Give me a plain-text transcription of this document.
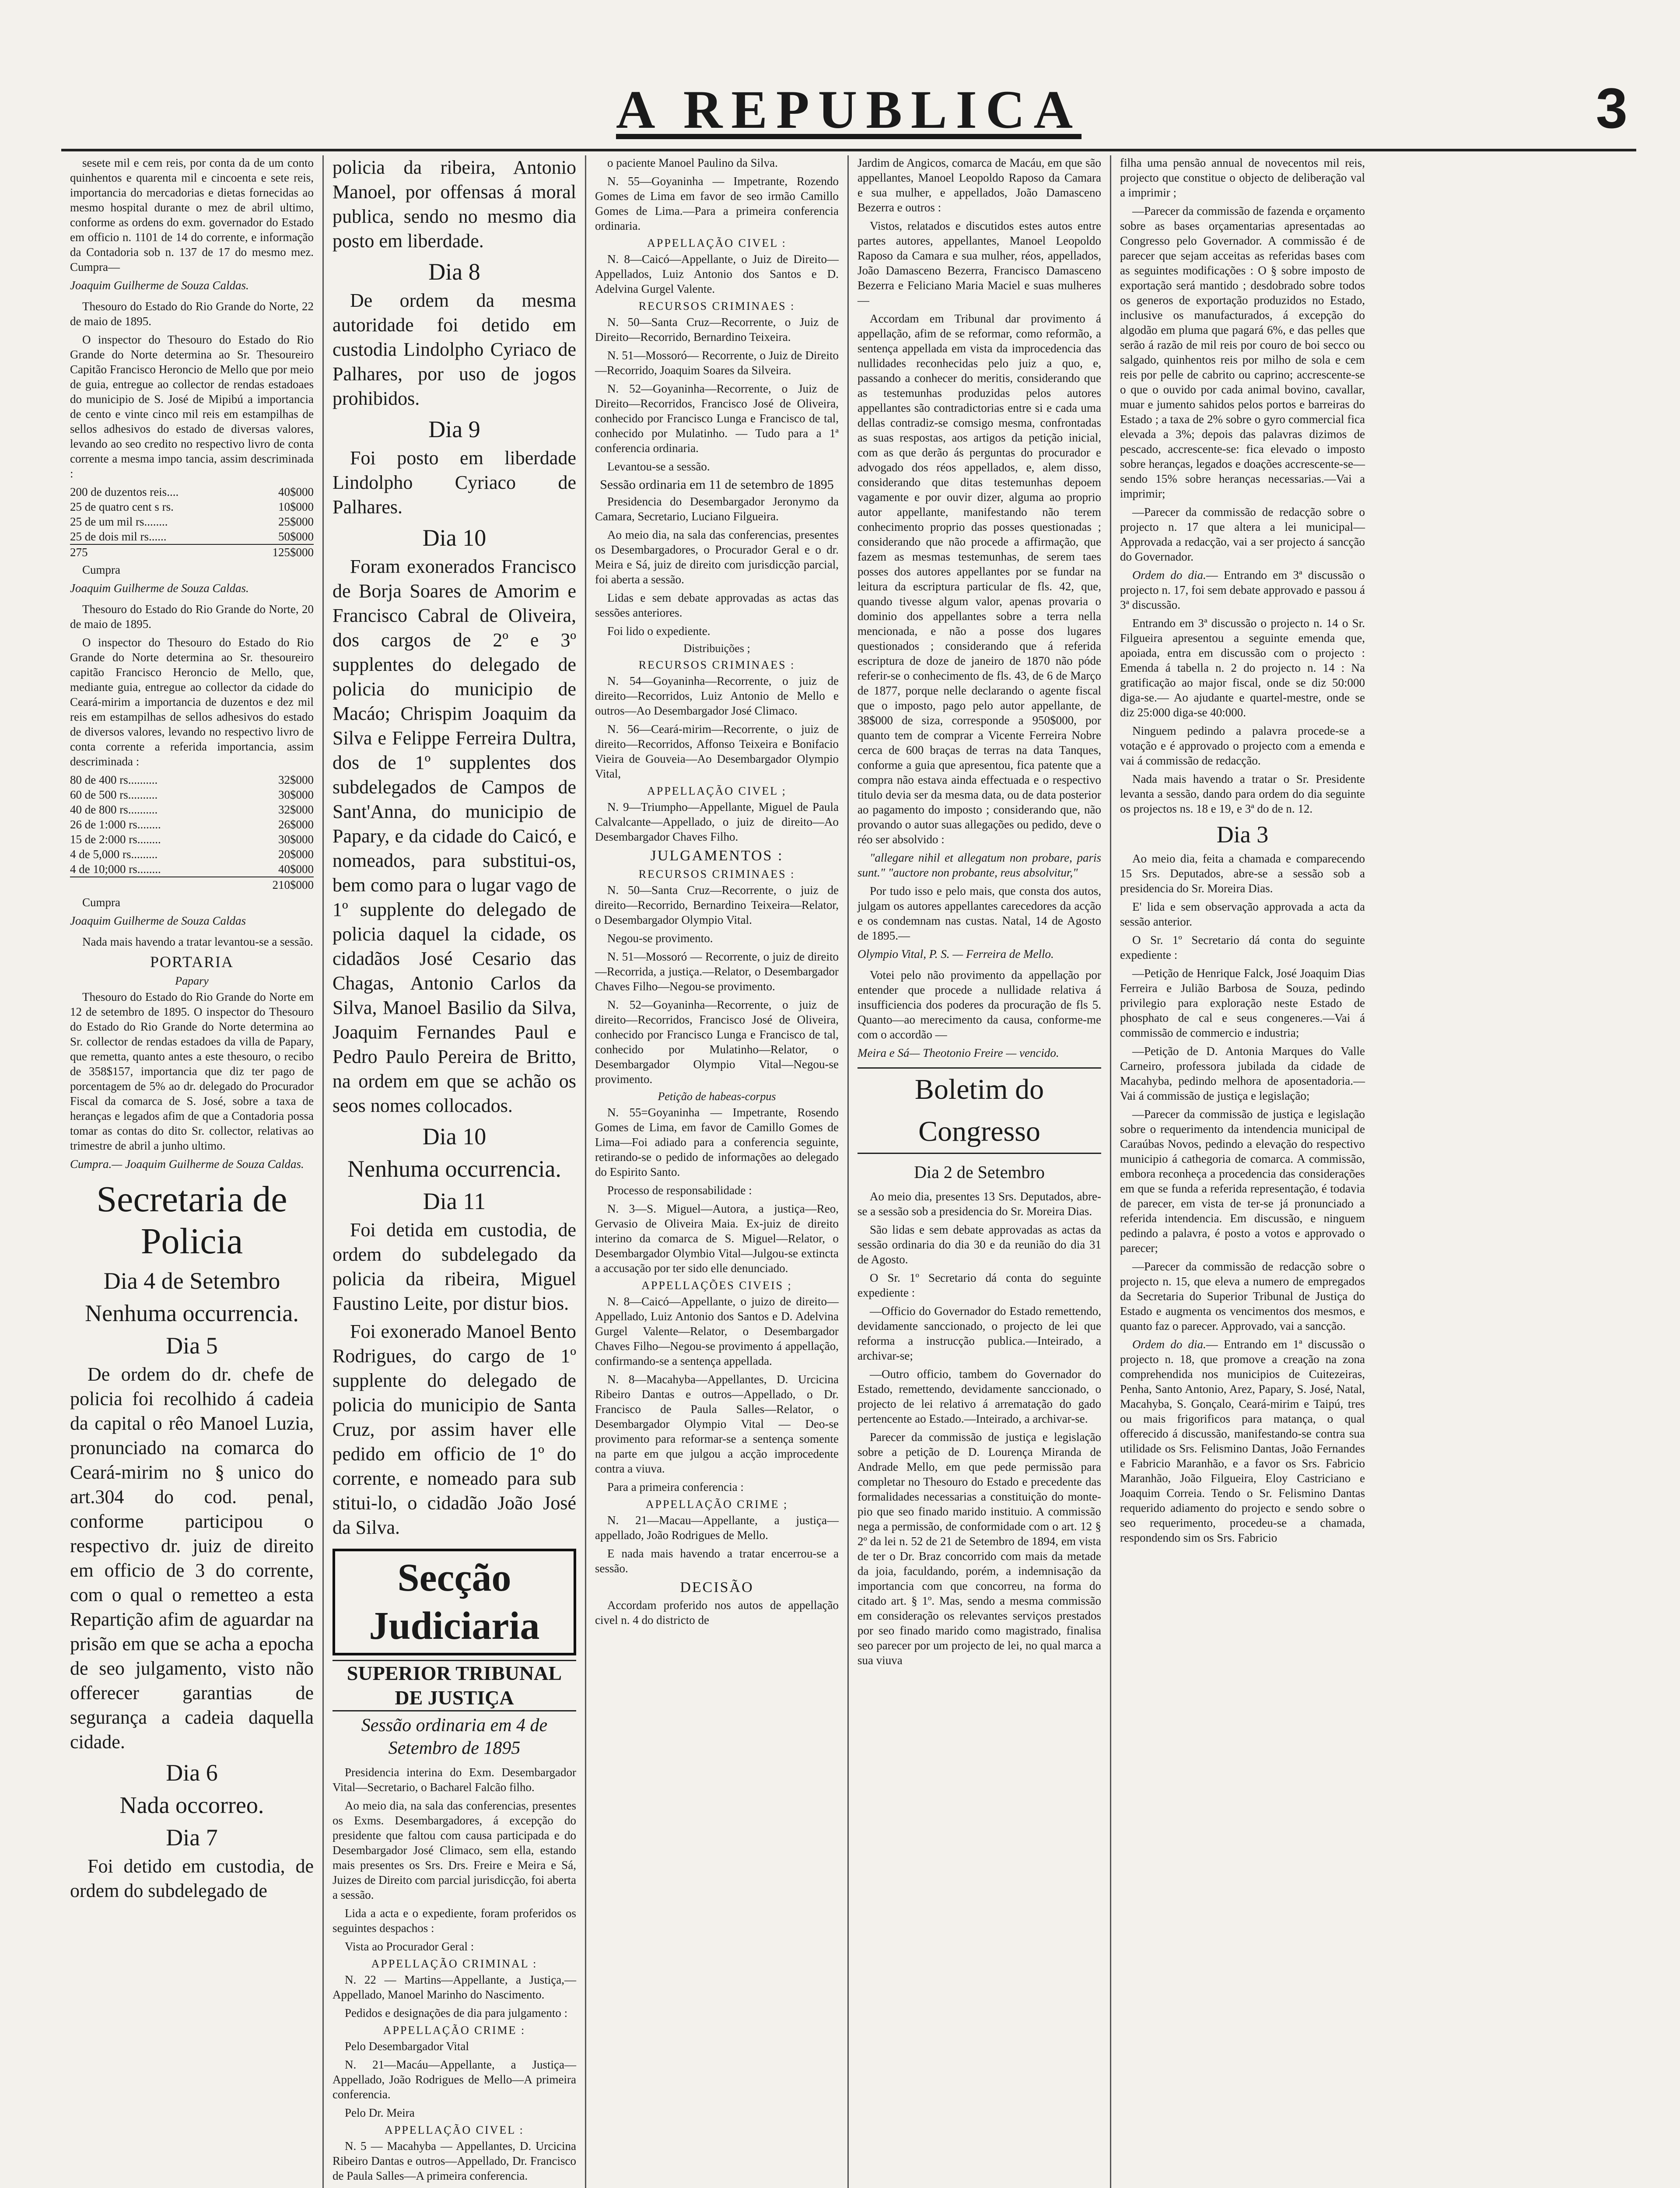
A REPUBLICA	3

sesete mil e cem reis, por conta da de um conto quinhentos e quarenta mil e cincoenta e sete reis, importancia do mercadorias e dietas fornecidas ao mesmo hospital durante o mez de abril ultimo, conforme as ordens do exm. governador do Estado em officio n. 1101 de 14 do corrente, e informação da Contadoria sob n. 137 de 17 do mesmo mez. Cumpra—

Joaquim Guilherme de Souza Caldas.

Thesouro do Estado do Rio Grande do Norte, 22 de maio de 1895.

O inspector do Thesouro do Estado do Rio Grande do Norte determina ao Sr. Thesoureiro Capitão Francisco Heroncio de Mello que por meio de guia, entregue ao collector de rendas estadoaes do municipio de S. José de Mipibú a importancia de cento e vinte cinco mil reis em estampilhas de sellos adhesivos do estado de diversas valores, levando ao seo credito no respectivo livro de conta corrente a mesma impo tancia, assim descriminada :

200 de duzentos reis....	40$000
25 de quatro cent s rs.	10$000
25 de um mil rs........	25$000
25 de dois mil rs......	50$000
275	125$000

Cumpra

Joaquim Guilherme de Souza Caldas.

Thesouro do Estado do Rio Grande do Norte, 20 de maio de 1895.

O inspector do Thesouro do Estado do Rio Grande do Norte determina ao Sr. thesoureiro capitão Francisco Heroncio de Mello, que, mediante guia, entregue ao collector da cidade do Ceará-mirim a importancia de duzentos e dez mil reis em estampilhas de sellos adhesivos do estado de diversos valores, levando no respectivo livro de conta corrente a referida importancia, assim descriminada :

80 de 400 rs..........	32$000
60 de 500 rs..........	30$000
40 de 800 rs..........	32$000
26 de 1:000 rs........	26$000
15 de 2:000 rs........	30$000
4 de 5,000 rs.........	20$000
4 de 10;000 rs........	40$000
	210$000

Cumpra

Joaquim Guilherme de Souza Caldas

Nada mais havendo a tratar levantou-se a sessão.

PORTARIA
Papary

Thesouro do Estado do Rio Grande do Norte em 12 de setembro de 1895. O inspector do Thesouro do Estado do Rio Grande do Norte determina ao Sr. collector de rendas estadoes da villa de Papary, que remetta, quanto antes a este thesouro, o recibo de 358$157, importancia que diz ter pago de porcentagem de 5% ao dr. delegado do Procurador Fiscal da comarca de S. José, sobre a taxa de heranças e legados afim de que a Contadoria possa tomar as contas do dito Sr. collector, relativas ao trimestre de abril a junho ultimo.

Cumpra.— Joaquim Guilherme de Souza Caldas.
Secretaria de Policia
Dia 4 de Setembro
Nenhuma occurrencia.
Dia 5

De ordem do dr. chefe de policia foi recolhido á cadeia da capital o rêo Manoel Luzia, pronunciado na comarca do Ceará-mirim no § unico do art.304 do cod. penal, conforme participou o respectivo dr. juiz de direito em officio de 3 do corrente, com o qual o remetteo a esta Repartição afim de aguardar na prisão em que se acha a epocha de seo julgamento, visto não offerecer garantias de segurança a cadeia daquella cidade.

Dia 6
Nada occorreo.
Dia 7

Foi detido em custodia, de ordem do subdelegado de

policia da ribeira, Antonio Manoel, por offensas á moral publica, sendo no mesmo dia posto em liberdade.

Dia 8

De ordem da mesma autoridade foi detido em custodia Lindolpho Cyriaco de Palhares, por uso de jogos prohibidos.

Dia 9

Foi posto em liberdade Lindolpho Cyriaco de Palhares.

Dia 10

Foram exonerados Francisco de Borja Soares de Amorim e Francisco Cabral de Oliveira, dos cargos de 2º e 3º supplentes do delegado de policia do municipio de Macáo; Chrispim Joaquim da Silva e Felippe Ferreira Dultra, dos de 1º supplentes dos subdelegados de Campos de Sant'Anna, do municipio de Papary, e da cidade do Caicó, e nomeados, para substitui-os, bem como para o lugar vago de 1º supplente do delegado de policia daquel la cidade, os cidadãos José Cesario das Chagas, Antonio Carlos da Silva, Manoel Basilio da Silva, Joaquim Fernandes Paul e Pedro Paulo Pereira de Britto, na ordem em que se achão os seos nomes collocados.

Dia 10
Nenhuma occurrencia.
Dia 11

Foi detida em custodia, de ordem do subdelegado da policia da ribeira, Miguel Faustino Leite, por distur bios.

Foi exonerado Manoel Bento Rodrigues, do cargo de 1º supplente do delegado de policia do municipio de Santa Cruz, por assim haver elle pedido em officio de 1º do corrente, e nomeado para sub stitui-lo, o cidadão João José da Silva.

Secção Judiciaria
SUPERIOR TRIBUNAL DE JUSTIÇA
Sessão ordinaria em 4 de Setembro de 1895

Presidencia interina do Exm. Desembargador Vital—Secretario, o Bacharel Falcão filho.

Ao meio dia, na sala das conferencias, presentes os Exms. Desembargadores, á excepção do presidente que faltou com causa participada e do Desembargador José Climaco, sem ella, estando mais presentes os Srs. Drs. Freire e Meira e Sá, Juizes de Direito com parcial jurisdicção, foi aberta a sessão.

Lida a acta e o expediente, foram proferidos os seguintes despachos :

Vista ao Procurador Geral :

APPELLAÇÃO CRIMINAL :

N. 22 — Martins—Appellante, a Justiça,—Appellado, Manoel Marinho do Nascimento.

Pedidos e designações de dia para julgamento :

APPELLAÇÃO CRIME :

Pelo Desembargador Vital

N. 21—Macáu—Appellante, a Justiça—Appellado, João Rodrigues de Mello—A primeira conferencia.

Pelo Dr. Meira

APPELLAÇÃO CIVEL :

N. 5 — Macahyba — Appellantes, D. Urcicina Ribeiro Dantas e outros—Appellado, Dr. Francisco de Paula Salles—A primeira conferencia.

o paciente Manoel Paulino da Silva.

N. 55—Goyaninha — Impetrante, Rozendo Gomes de Lima em favor de seo irmão Camillo Gomes de Lima.—Para a primeira conferencia ordinaria.

APPELLAÇÃO CIVEL :

N. 8—Caicó—Appellante, o Juiz de Direito—Appellados, Luiz Antonio dos Santos e D. Adelvina Gurgel Valente.

RECURSOS CRIMINAES :

N. 50—Santa Cruz—Recorrente, o Juiz de Direito—Recorrido, Bernardino Teixeira.

N. 51—Mossoró— Recorrente, o Juiz de Direito—Recorrido, Joaquim Soares da Silveira.

N. 52—Goyaninha—Recorrente, o Juiz de Direito—Recorridos, Francisco José de Oliveira, conhecido por Francisco Lunga e Francisco de tal, conhecido por Mulatinho. — Tudo para a 1ª conferencia ordinaria.

Levantou-se a sessão.

Sessão ordinaria em 11 de setembro de 1895

Presidencia do Desembargador Jeronymo da Camara, Secretario, Luciano Filgueira.

Ao meio dia, na sala das conferencias, presentes os Desembargadores, o Procurador Geral e o dr. Meira e Sá, juiz de direito com jurisdicção parcial, foi aberta a sessão.

Lidas e sem debate approvadas as actas das sessões anteriores.

Foi lido o expediente.

Distribuições ;
RECURSOS CRIMINAES :

N. 54—Goyaninha—Recorrente, o juiz de direito—Recorridos, Luiz Antonio de Mello e outros—Ao Desembargador José Climaco.

N. 56—Ceará-mirim—Recorrente, o juiz de direito—Recorridos, Affonso Teixeira e Bonifacio Vieira de Gouveia—Ao Desembargador Olympio Vital,

APPELLAÇÃO CIVEL ;

N. 9—Triumpho—Appellante, Miguel de Paula Calvalcante—Appellado, o juiz de direito—Ao Desembargador Chaves Filho.

JULGAMENTOS :
RECURSOS CRIMINAES :

N. 50—Santa Cruz—Recorrente, o juiz de direito—Recorrido, Bernardino Teixeira—Relator, o Desembargador Olympio Vital.

Negou-se provimento.

N. 51—Mossoró — Recorrente, o juiz de direito—Recorrida, a justiça.—Relator, o Desembargador Chaves Filho—Negou-se provimento.

N. 52—Goyaninha—Recorrente, o juiz de direito—Recorridos, Francisco José de Oliveira, conhecido por Francisco Lunga e Francisco de tal, conhecido por Mulatinho—Relator, o Desembargador Olympio Vital—Negou-se provimento.

Petição de habeas-corpus

N. 55=Goyaninha — Impetrante, Rosendo Gomes de Lima, em favor de Camillo Gomes de Lima—Foi adiado para a conferencia seguinte, retirando-se o pedido de informações ao delegado do Espirito Santo.

Processo de responsabilidade :

N. 3—S. Miguel—Autora, a justiça—Reo, Gervasio de Oliveira Maia. Ex-juiz de direito interino da comarca de S. Miguel—Relator, o Desembargador Olymbio Vital—Julgou-se extincta a accusação por ter sido elle denunciado.

APPELLAÇÕES CIVEIS ;

N. 8—Caicó—Appellante, o juizo de direito—Appellado, Luiz Antonio dos Santos e D. Adelvina Gurgel Valente—Relator, o Desembargador Chaves Filho—Negou-se provimento á appellação, confirmando-se a sentença appellada.

N. 8—Macahyba—Appellantes, D. Urcicina Ribeiro Dantas e outros—Appellado, o Dr. Francisco de Paula Salles—Relator, o Desembargador Olympio Vital — Deo-se provimento para reformar-se a sentença somente na parte em que julgou a acção improcedente contra a viuva.

Para a primeira conferencia :

APPELLAÇÃO CRIME ;

N. 21—Macau—Appellante, a justiça—appellado, João Rodrigues de Mello.

E nada mais havendo a tratar encerrou-se a sessão.

DECISÃO

Accordam proferido nos autos de appellação civel n. 4 do districto de

Jardim de Angicos, comarca de Macáu, em que são appellantes, Manoel Leopoldo Raposo da Camara e sua mulher, e appellados, João Damasceno Bezerra e outros :

Vistos, relatados e discutidos estes autos entre partes autores, appellantes, Manoel Leopoldo Raposo da Camara e sua mulher, réos, appellados, João Damasceno Bezerra, Francisco Damasceno Bezerra e Feliciano Maria Maciel e suas mulheres —

Accordam em Tribunal dar provimento á appellação, afim de se reformar, como reformão, a sentença appellada em vista da improcedencia das nullidades reconhecidas pelo juiz a quo, e, passando a conhecer do meritis, considerando que as testemunhas produzidas pelos autores appellantes são contradictorias entre si e cada uma dellas contradiz-se comsigo mesma, confrontadas as suas respostas, aos artigos da petição inicial, com as que derão ás perguntas do procurador e advogado dos réos appellados, e, alem disso, considerando que ditas testemunhas depoem vagamente e por ouvir dizer, alguma ao proprio autor appellante, manifestando não terem conhecimento proprio das posses questionadas ; considerando que não procede a affirmação, que fazem as mesmas testemunhas, de serem taes posses dos autores appellantes por se fundar na leitura da escriptura particular de fls. 42, que, quando tivesse algum valor, apenas provaria o dominio dos appellantes sobre a terra nella mencionada, e não a posse dos lugares questionados ; considerando que á referida escriptura de doze de janeiro de 1870 não póde referir-se o conhecimento de fls. 43, de 6 de Março de 1877, porque nelle declarando o agente fiscal que o imposto, pago pelo autor appellante, de 38$000 de siza, corresponde a 950$000, por quanto tem de comprar a Vicente Ferreira Nobre cerca de 600 braças de terras na data Tanques, conforme a guia que apresentou, fica patente que a compra não estava ainda effectuada e o respectivo titulo devia ser da mesma data, ou de data posterior ao pagamento do imposto ; considerando que, não provando o autor suas allegações ou pedido, deve o réo ser absolvido :

"allegare nihil et allegatum non probare, paris sunt." "auctore non probante, reus absolvitur,"

Por tudo isso e pelo mais, que consta dos autos, julgam os autores appellantes carecedores da acção e os condemnam nas custas. Natal, 14 de Agosto de 1895.—

Olympio Vital, P. S. — Ferreira de Mello.

Votei pelo não provimento da appellação por entender que procede a nullidade relativa á insufficiencia dos poderes da procuração de fls 5. Quanto—ao merecimento da causa, conforme-me com o accordão —

Meira e Sá— Theotonio Freire — vencido.
Boletim do Congresso
Dia 2 de Setembro

Ao meio dia, presentes 13 Srs. Deputados, abre-se a sessão sob a presidencia do Sr. Moreira Dias.

São lidas e sem debate approvadas as actas da sessão ordinaria do dia 30 e da reunião do dia 31 de Agosto.

O Sr. 1º Secretario dá conta do seguinte expediente :

—Officio do Governador do Estado remettendo, devidamente sanccionado, o projecto de lei que reforma a instrucção publica.—Inteirado, a archivar-se;

—Outro officio, tambem do Governador do Estado, remettendo, devidamente sanccionado, o projecto de lei relativo á arrematação do gado pertencente ao Estado.—Inteirado, a archivar-se.

Parecer da commissão de justiça e legislação sobre a petição de D. Lourença Miranda de Andrade Mello, em que pede permissão para completar no Thesouro do Estado e precedente das formalidades necessarias a constituição do monte-pio que seo finado marido instituio. A commissão nega a permissão, de conformidade com o art. 12 § 2º da lei n. 52 de 21 de Setembro de 1894, em vista de ter o Dr. Braz concorrido com mais da metade da joia, faculdando, porém, a indemnisação da importancia com que concorreu, na forma do citado art. § 1º. Mas, sendo a mesma commissão em consideração os relevantes serviços prestados por seo finado marido como magistrado, finalisa seo parecer por um projecto de lei, no qual marca a sua viuva

filha uma pensão annual de novecentos mil reis, projecto que constitue o objecto de deliberação val a imprimir ;

—Parecer da commissão de fazenda e orçamento sobre as bases orçamentarias apresentadas ao Congresso pelo Governador. A commissão é de parecer que sejam acceitas as referidas bases com as seguintes modificações : O § sobre imposto de exportação será mantido ; desdobrado sobre todos os generos de exportação produzidos no Estado, inclusive os manufacturados, á excepção do algodão em pluma que pagará 6%, e das pelles que serão á razão de mil reis por couro de boi secco ou salgado, quinhentos reis por milho de sola e cem reis por pelle de cabrito ou caprino; accrescente-se o que o ouvido por cada animal bovino, cavallar, muar e jumento sahidos pelos portos e barreiras do Estado ; a taxa de 2% sobre o gyro commercial fica elevada a 3%; depois das palavras dizimos de pescado, accrescente-se: fica elevado o imposto sobre heranças, legados e doações accrescente-se—sendo 15% sobre heranças necessarias.—Vai a imprimir;

—Parecer da commissão de redacção sobre o projecto n. 17 que altera a lei municipal—Approvada a redacção, vai a ser projecto á sancção do Governador.

Ordem do dia.— Entrando em 3ª discussão o projecto n. 17, foi sem debate approvado e passou á 3ª discussão.

Entrando em 3ª discussão o projecto n. 14 o Sr. Filgueira apresentou a seguinte emenda que, apoiada, entra em discussão com o projecto : Emenda á tabella n. 2 do projecto n. 14 : Na gratificação ao major fiscal, onde se diz 50:000 diga-se.— Ao ajudante e quartel-mestre, onde se diz 25:000 diga-se 40:000.

Ninguem pedindo a palavra procede-se a votação e é approvado o projecto com a emenda e vai á commissão de redacção.

Nada mais havendo a tratar o Sr. Presidente levanta a sessão, dando para ordem do dia seguinte os projectos ns. 18 e 19, e 3ª do de n. 12.

Dia 3

Ao meio dia, feita a chamada e comparecendo 15 Srs. Deputados, abre-se a sessão sob a presidencia do Sr. Moreira Dias.

E' lida e sem observação approvada a acta da sessão anterior.

O Sr. 1º Secretario dá conta do seguinte expediente :

—Petição de Henrique Falck, José Joaquim Dias Ferreira e Julião Barbosa de Souza, pedindo privilegio para exploração neste Estado de phosphato de cal e seus congeneres.—Vai á commissão de commercio e industria;

—Petição de D. Antonia Marques do Valle Carneiro, professora jubilada da cidade de Macahyba, pedindo melhora de aposentadoria.—Vai á commissão de justiça e legislação;

—Parecer da commissão de justiça e legislação sobre o requerimento da intendencia municipal de Caraúbas Novos, pedindo a elevação do respectivo municipio á cathegoria de comarca. A commissão, embora reconheça a procedencia das considerações em que se funda a referida representação, é todavia de parecer, em vista de ter-se já pronunciado a referida intendencia. Em discussão, e ninguem pedindo a palavra, é posto a votos e approvado o parecer;

—Parecer da commissão de redacção sobre o projecto n. 15, que eleva a numero de empregados da Secretaria do Superior Tribunal de Justiça do Estado e augmenta os vencimentos dos mesmos, e quanto faz o parecer. Approvado, vai a sancção.

Ordem do dia.— Entrando em 1ª discussão o projecto n. 18, que promove a creação na zona comprehendida nos municipios de Cuitezeiras, Penha, Santo Antonio, Arez, Papary, S. José, Natal, Macahyba, S. Gonçalo, Ceará-mirim e Taipú, tres ou mais frigorificos para matança, o qual offerecido á discussão, manifestando-se contra sua utilidade os Srs. Felismino Dantas, João Fernandes e Fabricio Maranhão, e a favor os Srs. Fabricio Maranhão, João Filgueira, Eloy Castriciano e Joaquim Correia. Tendo o Sr. Felismino Dantas requerido adiamento do projecto e sendo sobre o seo requerimento, procedeu-se a chamada, respondendo sim os Srs. Fabricio
